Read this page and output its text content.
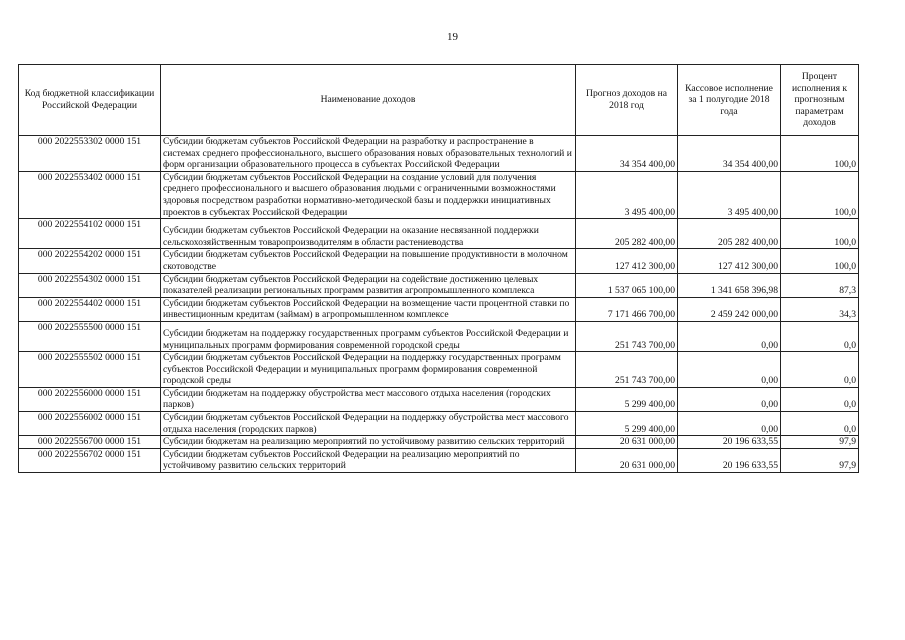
19
Код бюджетной классификации Российской Федерации	Наименование доходов	Прогноз доходов на 2018 год	Кассовое исполнение за 1 полугодие 2018 года	Процент исполнения к прогнозным параметрам доходов
000 2022553302 0000 151	Субсидии бюджетам субъектов Российской Федерации на разработку и распространение в системах среднего профессионального, высшего образования новых образовательных технологий и форм организации образовательного процесса в субъектах Российской Федерации	34 354 400,00	34 354 400,00	100,0
000 2022553402 0000 151	Субсидии бюджетам субъектов Российской Федерации на создание условий для получения среднего профессионального и высшего образования людьми с ограниченными возможностями здоровья посредством разработки нормативно-методической базы и поддержки инициативных проектов в субъектах Российской Федерации	3 495 400,00	3 495 400,00	100,0
000 2022554102 0000 151	Субсидии бюджетам субъектов Российской Федерации на оказание несвязанной поддержки сельскохозяйственным товаропроизводителям в области растениеводства	205 282 400,00	205 282 400,00	100,0
000 2022554202 0000 151	Субсидии бюджетам субъектов Российской Федерации на повышение продуктивности в молочном скотоводстве	127 412 300,00	127 412 300,00	100,0
000 2022554302 0000 151	Субсидии бюджетам субъектов Российской Федерации на содействие достижению целевых показателей реализации региональных программ развития агропромышленного комплекса	1 537 065 100,00	1 341 658 396,98	87,3
000 2022554402 0000 151	Субсидии бюджетам субъектов Российской Федерации на возмещение части процентной ставки по инвестиционным кредитам (займам) в агропромышленном комплексе	7 171 466 700,00	2 459 242 000,00	34,3
000 2022555500 0000 151	Субсидии бюджетам на поддержку государственных программ субъектов Российской Федерации и муниципальных программ формирования современной городской среды	251 743 700,00	0,00	0,0
000 2022555502 0000 151	Субсидии бюджетам субъектов Российской Федерации на поддержку государственных программ субъектов Российской Федерации и муниципальных программ формирования современной городской среды	251 743 700,00	0,00	0,0
000 2022556000 0000 151	Субсидии бюджетам на поддержку обустройства мест массового отдыха населения (городских парков)	5 299 400,00	0,00	0,0
000 2022556002 0000 151	Субсидии бюджетам субъектов Российской Федерации на поддержку обустройства мест массового отдыха населения (городских парков)	5 299 400,00	0,00	0,0
000 2022556700 0000 151	Субсидии бюджетам на реализацию мероприятий по устойчивому развитию сельских территорий	20 631 000,00	20 196 633,55	97,9
000 2022556702 0000 151	Субсидии бюджетам субъектов Российской Федерации на реализацию мероприятий по устойчивому развитию сельских территорий	20 631 000,00	20 196 633,55	97,9
